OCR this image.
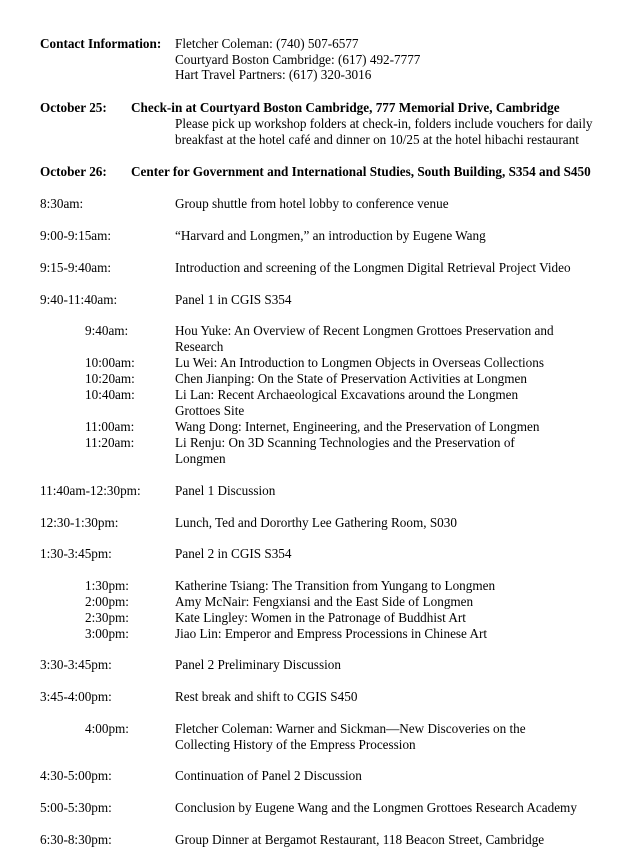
Contact Information: Fletcher Coleman: (740) 507-6577
Courtyard Boston Cambridge: (617) 492-7777
Hart Travel Partners: (617) 320-3016
October 25: Check-in at Courtyard Boston Cambridge, 777 Memorial Drive, Cambridge
Please pick up workshop folders at check-in, folders include vouchers for daily
breakfast at the hotel café and dinner on 10/25 at the hotel hibachi restaurant
October 26: Center for Government and International Studies, South Building, S354 and S450
8:30am:	Group shuttle from hotel lobby to conference venue
9:00-9:15am:	“Harvard and Longmen,” an introduction by Eugene Wang
9:15-9:40am:	Introduction and screening of the Longmen Digital Retrieval Project Video
9:40-11:40am:	Panel 1 in CGIS S354
9:40am:	Hou Yuke: An Overview of Recent Longmen Grottoes Preservation and
Research
10:00am:	Lu Wei: An Introduction to Longmen Objects in Overseas Collections
10:20am:	Chen Jianping: On the State of Preservation Activities at Longmen
10:40am:	Li Lan: Recent Archaeological Excavations around the Longmen
Grottoes Site
11:00am:	Wang Dong: Internet, Engineering, and the Preservation of Longmen
11:20am:	Li Renju: On 3D Scanning Technologies and the Preservation of
Longmen
11:40am-12:30pm:	Panel 1 Discussion
12:30-1:30pm:	Lunch, Ted and Dororthy Lee Gathering Room, S030
1:30-3:45pm:	Panel 2 in CGIS S354
1:30pm:	Katherine Tsiang: The Transition from Yungang to Longmen
2:00pm:	Amy McNair: Fengxiansi and the East Side of Longmen
2:30pm:	Kate Lingley: Women in the Patronage of Buddhist Art
3:00pm:	Jiao Lin: Emperor and Empress Processions in Chinese Art
3:30-3:45pm:	Panel 2 Preliminary Discussion
3:45-4:00pm:	Rest break and shift to CGIS S450
4:00pm:	Fletcher Coleman: Warner and Sickman—New Discoveries on the
Collecting History of the Empress Procession
4:30-5:00pm:	Continuation of Panel 2 Discussion
5:00-5:30pm:	Conclusion by Eugene Wang and the Longmen Grottoes Research Academy
6:30-8:30pm:	Group Dinner at Bergamot Restaurant, 118 Beacon Street, Cambridge
